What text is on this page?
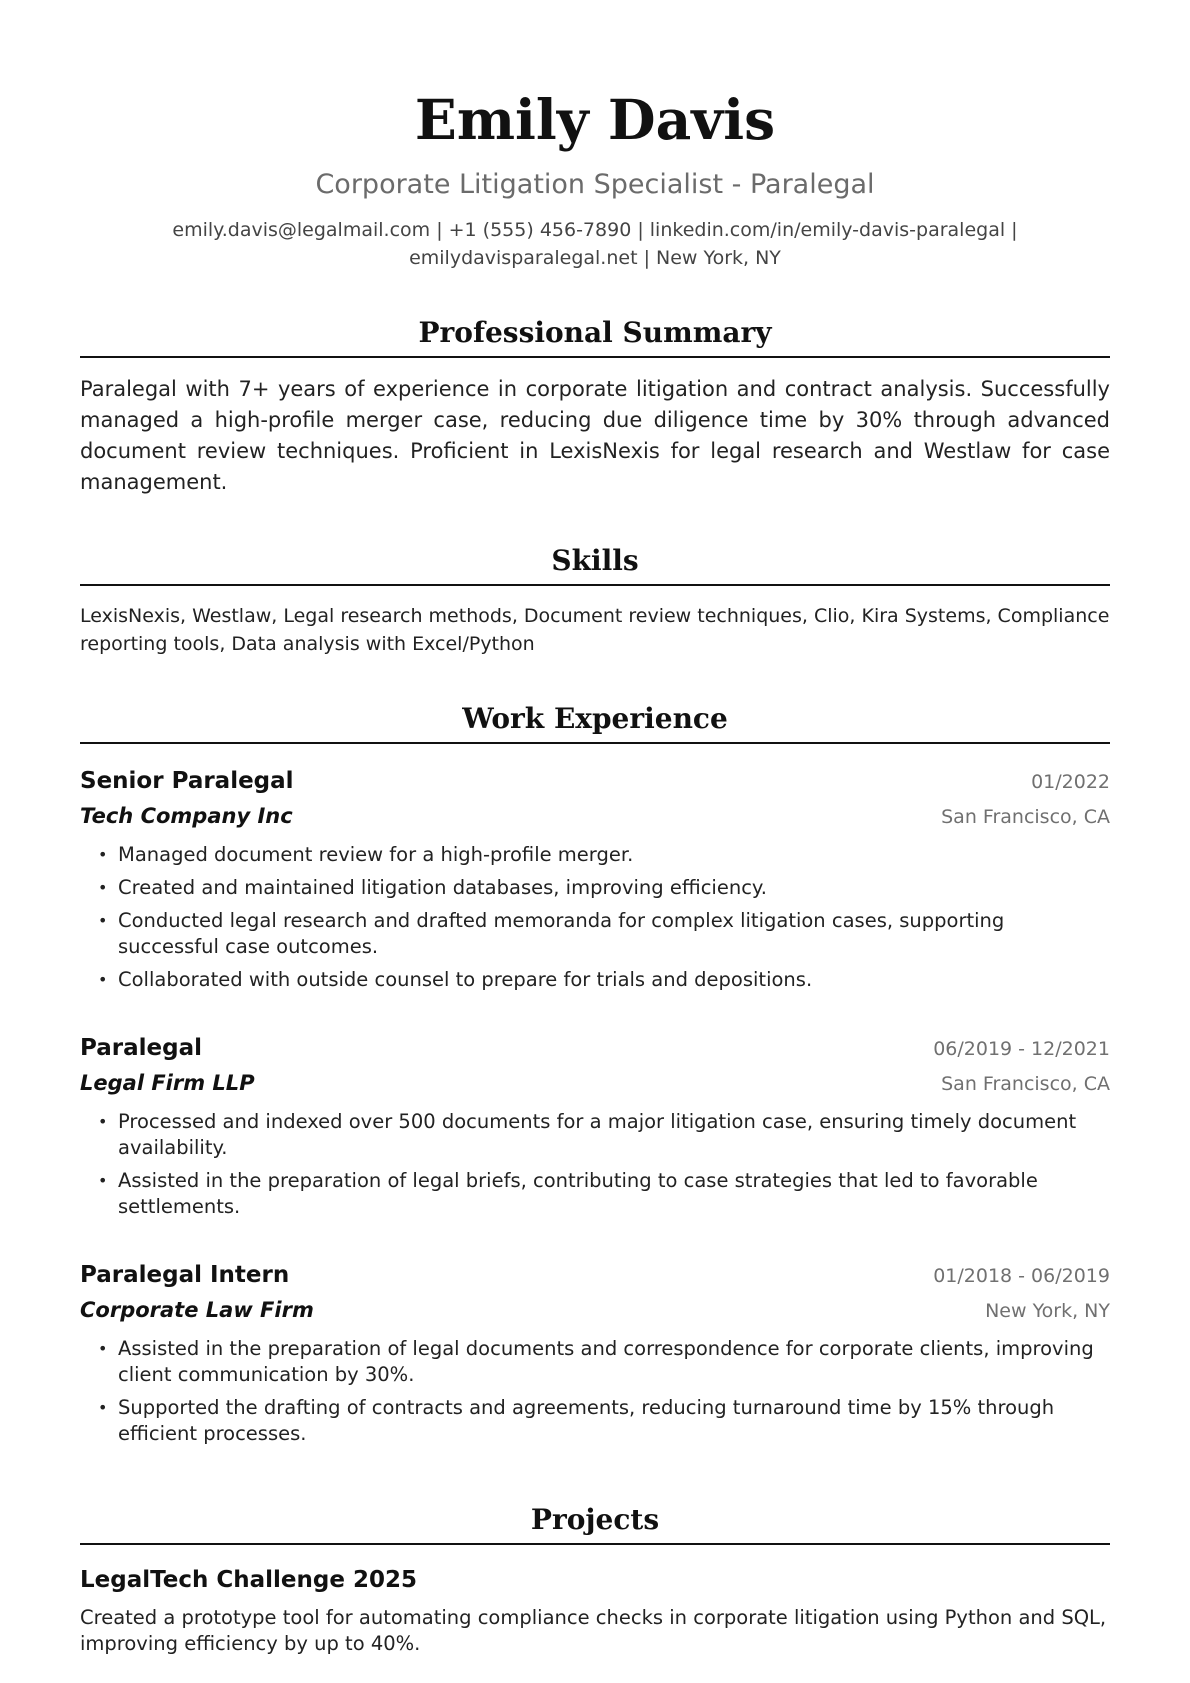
Emily Davis
Corporate Litigation Specialist - Paralegal
emily.davis@legalmail.com | +1 (555) 456-7890 | linkedin.com/in/emily-davis-paralegal |
emilydavisparalegal.net | New York, NY
Professional Summary
Paralegal with 7+ years of experience in corporate litigation and contract analysis. Successfully managed a high-profile merger case, reducing due diligence time by 30% through advanced document review techniques. Proficient in LexisNexis for legal research and Westlaw for case management.
Skills
LexisNexis, Westlaw, Legal research methods, Document review techniques, Clio, Kira Systems, Compliance reporting tools, Data analysis with Excel/Python
Work Experience
Senior Paralegal	01/2022
Tech Company Inc	San Francisco, CA
• Managed document review for a high-profile merger.
• Created and maintained litigation databases, improving efficiency.
• Conducted legal research and drafted memoranda for complex litigation cases, supporting successful case outcomes.
• Collaborated with outside counsel to prepare for trials and depositions.
Paralegal	06/2019 - 12/2021
Legal Firm LLP	San Francisco, CA
• Processed and indexed over 500 documents for a major litigation case, ensuring timely document availability.
• Assisted in the preparation of legal briefs, contributing to case strategies that led to favorable settlements.
Paralegal Intern	01/2018 - 06/2019
Corporate Law Firm	New York, NY
• Assisted in the preparation of legal documents and correspondence for corporate clients, improving client communication by 30%.
• Supported the drafting of contracts and agreements, reducing turnaround time by 15% through efficient processes.
Projects
LegalTech Challenge 2025
Created a prototype tool for automating compliance checks in corporate litigation using Python and SQL, improving efficiency by up to 40%.
